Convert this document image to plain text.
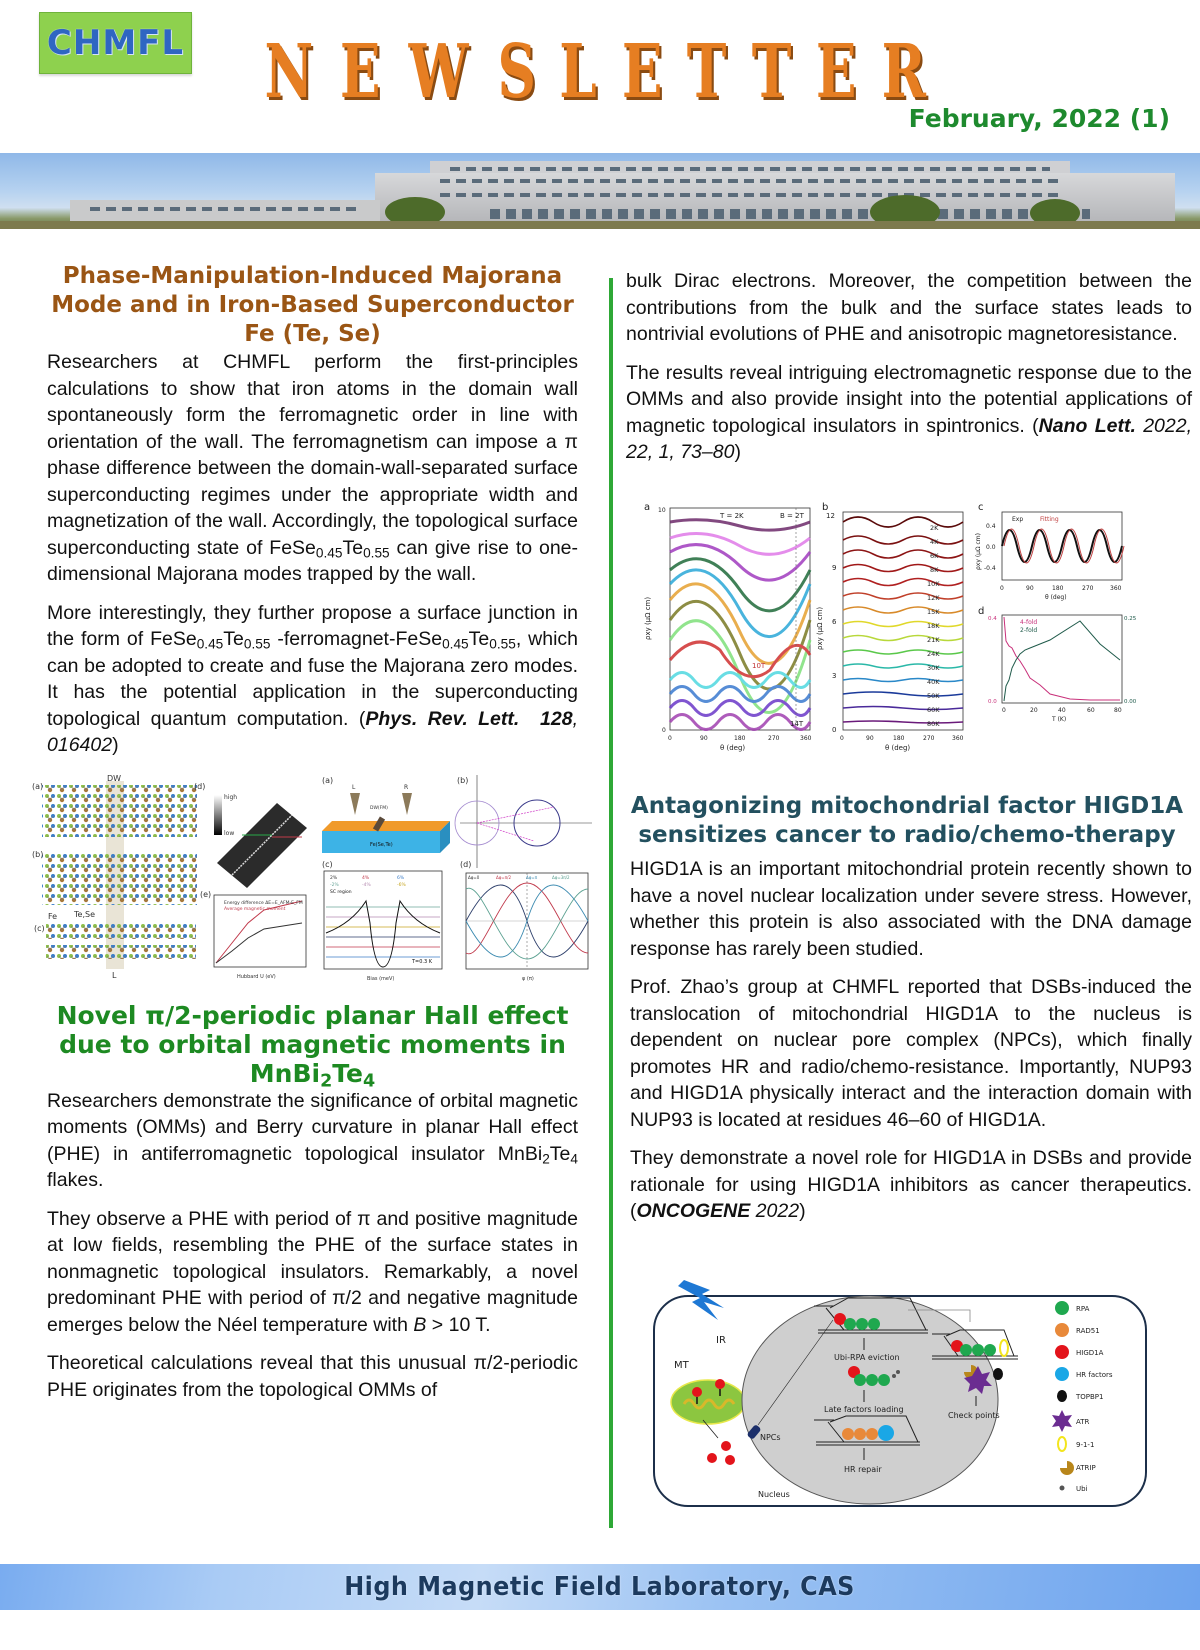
CHMFL N E W S L E T T E R
February, 2022 (1)
Phase-Manipulation-Induced Majorana
Mode and in Iron-Based Superconductor
Fe (Te, Se)

Researchers at CHMFL perform the first-principles calculations to show that iron atoms in the domain wall spontaneously form the ferromagnetic order in line with orientation of the wall. The ferromagnetism can impose a π phase difference between the domain-wall-separated surface superconducting regimes under the appropriate width and magnetization of the wall. Accordingly, the topological surface superconducting state of $FeSe_{0.45}Te_{0.55}$ can give rise to one-dimensional Majorana modes trapped by the wall.

More interestingly, they further propose a surface junction in the form of $FeSe_{0.45}Te_{0.55}$ $-ferromagnet-FeSe_{0.45}Te_{0.55}$, which can be adopted to create and fuse the Majorana zero modes. It has the potential application in the superconducting topological quantum computation. (Phys. Rev. Lett. 128, 016402)

(a)
(b)
(c)
DW
L
Fe Te,Se
(d)
high
low
(e)
Energy difference ΔE=E_AFM-E_FM
Average magnetic moment
Hubbard U (eV)
(a)
L	R
DW(FM)
Fe(Se,Te)
(b)
(c)
2%	4%	6%
-2%	-4%	-6%
SC region
T=0.3 K
Bias (meV)
(d)
Δφ=0	Δφ=π/2	Δφ=π	Δφ=3π/2
φ (π)
Novel π/2-periodic planar Hall effect
due to orbital magnetic moments in
$MnBi_2Te_4$

Researchers demonstrate the significance of orbital magnetic moments (OMMs) and Berry curvature in planar Hall effect (PHE) in antiferromagnetic topological insulator $MnBi_2Te_4$ flakes.

They observe a PHE with period of π and positive magnitude at low fields, resembling the PHE of the surface states in nonmagnetic topological insulators. Remarkably, a novel predominant PHE with period of π/2 and negative magnitude emerges below the Néel temperature with B > 10 T.

Theoretical calculations reveal that this unusual π/2-periodic PHE originates from the topological OMMs of

bulk Dirac electrons. Moreover, the competition between the contributions from the bulk and the surface states leads to nontrivial evolutions of PHE and anisotropic magnetoresistance.

The results reveal intriguing electromagnetic response due to the OMMs and also provide insight into the potential applications of magnetic topological insulators in spintronics. (Nano Lett. 2022, 22, 1, 73–80)

a
T = 2K	B = 2T
10T
14T
0
10
0	90	180	270	360
θ (deg)
ρxy (μΩ cm)
b
2K
4K
6K
8K
10K
12K
15K
18K
21K
24K
30K
40K
50K
60K
80K
0
3
6
9
12
0	90	180	270	360
θ (deg)
ρxy (μΩ cm)
c
Exp	Fitting
0.4
0.0
-0.4
0	90	180	270	360
θ (deg)
ρxy (μΩ cm)
d
4-fold
2-fold
0.0
0.4
0.00
0.25
0	20	40	60	80
T (K)
Antagonizing mitochondrial factor HIGD1A
sensitizes cancer to radio/chemo-therapy

HIGD1A is an important mitochondrial protein recently shown to have a novel nuclear localization under severe stress. However, whether this protein is also associated with the DNA damage response has rarely been studied.

Prof. Zhao’s group at CHMFL reported that DSBs-induced the translocation of mitochondrial HIGD1A to the nucleus is dependent on nuclear pore complex (NPCs), which finally promotes HR and radio/chemo-resistance. Importantly, NUP93 and HIGD1A physically interact and the interaction domain with NUP93 is located at residues 46–60 of HIGD1A.

They demonstrate a novel role for HIGD1A in DSBs and provide rationale for using HIGD1A inhibitors as cancer therapeutics. (ONCOGENE 2022)

IR
MT
NPCs
Nucleus
Ubi-RPA eviction
Late factors loading
HR repair
Check points
RPA
RAD51
HIGD1A
HR factors
TOPBP1
ATR
9-1-1
ATRIP
Ubi
High Magnetic Field Laboratory, CAS
